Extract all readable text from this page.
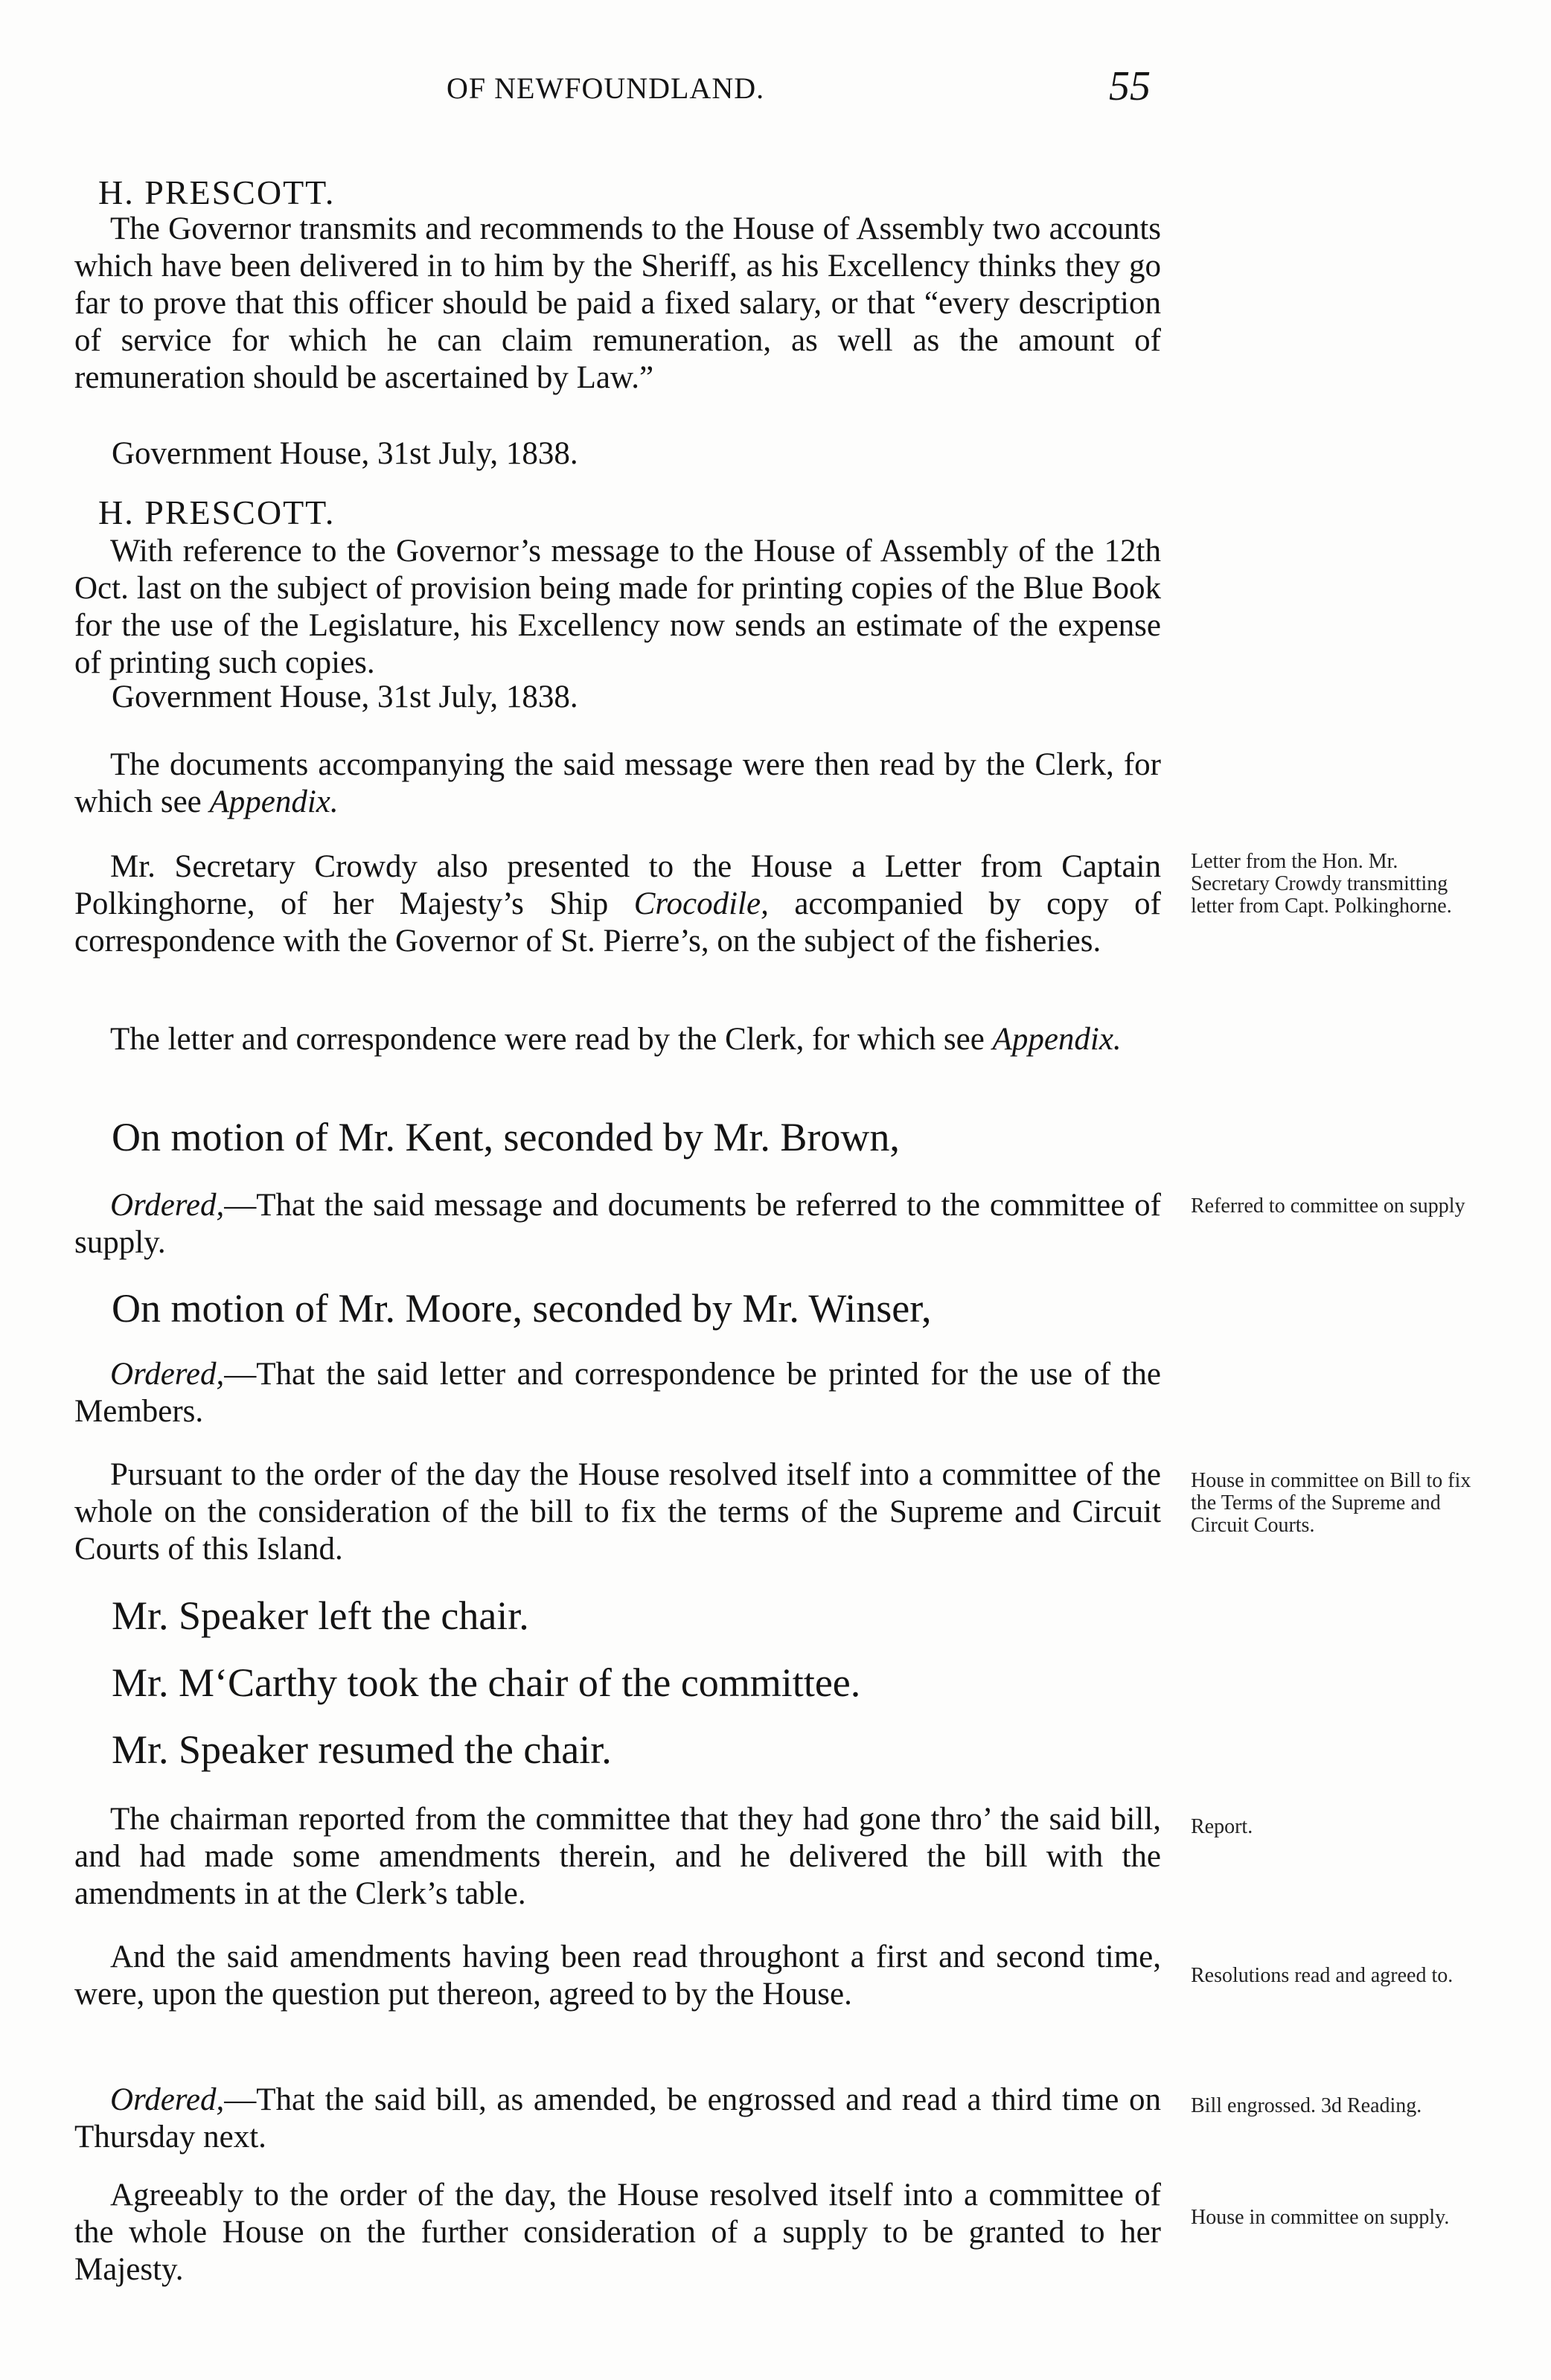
OF NEWFOUNDLAND.	55
H. PRESCOTT.
The Governor transmits and recommends to the House of Assembly two accounts which have been delivered in to him by the Sheriff, as his Excellency thinks they go far to prove that this officer should be paid a fixed salary, or that “every description of service for which he can claim remuneration, as well as the amount of remuneration should be ascertained by Law.”
Government House, 31st July, 1838.
H. PRESCOTT.
With reference to the Governor’s message to the House of Assembly of the 12th Oct. last on the subject of provision being made for printing copies of the Blue Book for the use of the Legislature, his Excellency now sends an estimate of the expense of printing such copies.
Government House, 31st July, 1838.
The documents accompanying the said message were then read by the Clerk, for which see Appendix.
Mr. Secretary Crowdy also presented to the House a Letter from Captain Polkinghorne, of her Majesty’s Ship Crocodile, accompanied by copy of correspondence with the Governor of St. Pierre’s, on the subject of the fisheries.
Letter from the Hon. Mr. Secretary Crowdy transmitting letter from Capt. Polkinghorne.
The letter and correspondence were read by the Clerk, for which see Appendix.
On motion of Mr. Kent, seconded by Mr. Brown,
Ordered,—That the said message and documents be referred to the committee of supply.
Referred to committee on supply
On motion of Mr. Moore, seconded by Mr. Winser,
Ordered,—That the said letter and correspondence be printed for the use of the Members.
Pursuant to the order of the day the House resolved itself into a committee of the whole on the consideration of the bill to fix the terms of the Supreme and Circuit Courts of this Island.
House in committee on Bill to fix the Terms of the Supreme and Circuit Courts.
Mr. Speaker left the chair.
Mr. M‘Carthy took the chair of the committee.
Mr. Speaker resumed the chair.
The chairman reported from the committee that they had gone thro’ the said bill, and had made some amendments therein, and he delivered the bill with the amendments in at the Clerk’s table.
Report.
And the said amendments having been read throughont a first and second time, were, upon the question put thereon, agreed to by the House.
Resolutions read and agreed to.
Ordered,—That the said bill, as amended, be engrossed and read a third time on Thursday next.
Bill engrossed. 3d Reading.
Agreeably to the order of the day, the House resolved itself into a committee of the whole House on the further consideration of a supply to be granted to her Majesty.
House in committee on supply.
